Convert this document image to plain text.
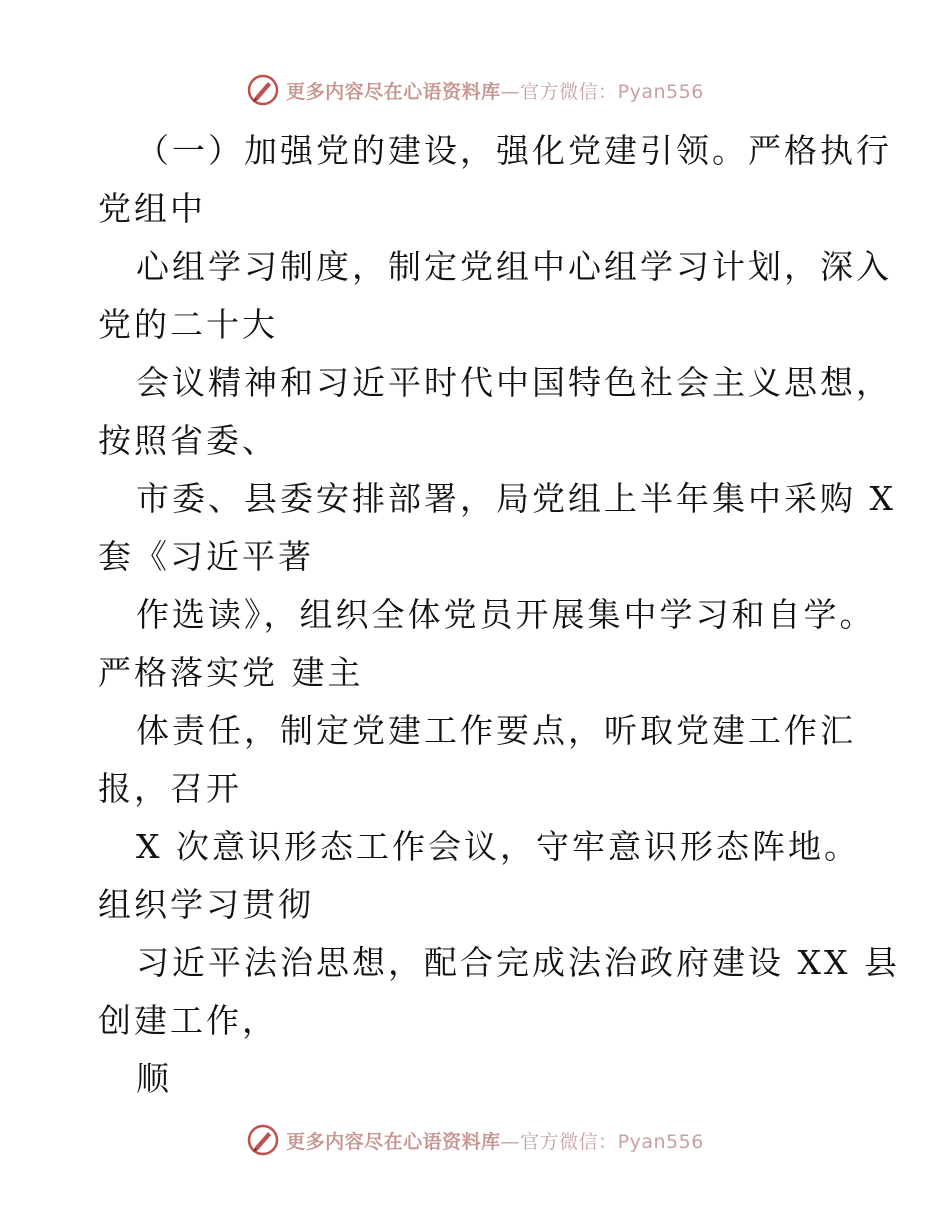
更多内容尽在心语资料库—官方微信：Pyan556
（一）加强党的建设，强化党建引领。严格执行
党组中
心组学习制度，制定党组中心组学习计划，深入
党的二十大
会议精神和习近平时代中国特色社会主义思想，
按照省委、
市委、县委安排部署，局党组上半年集中采购 X
套《习近平著
作选读》，组织全体党员开展集中学习和自学。
严格落实党 建主
体责任，制定党建工作要点，听取党建工作汇
报，召开
X 次意识形态工作会议，守牢意识形态阵地。
组织学习贯彻
习近平法治思想，配合完成法治政府建设 XX 县
创建工作，
顺
更多内容尽在心语资料库—官方微信：Pyan556
